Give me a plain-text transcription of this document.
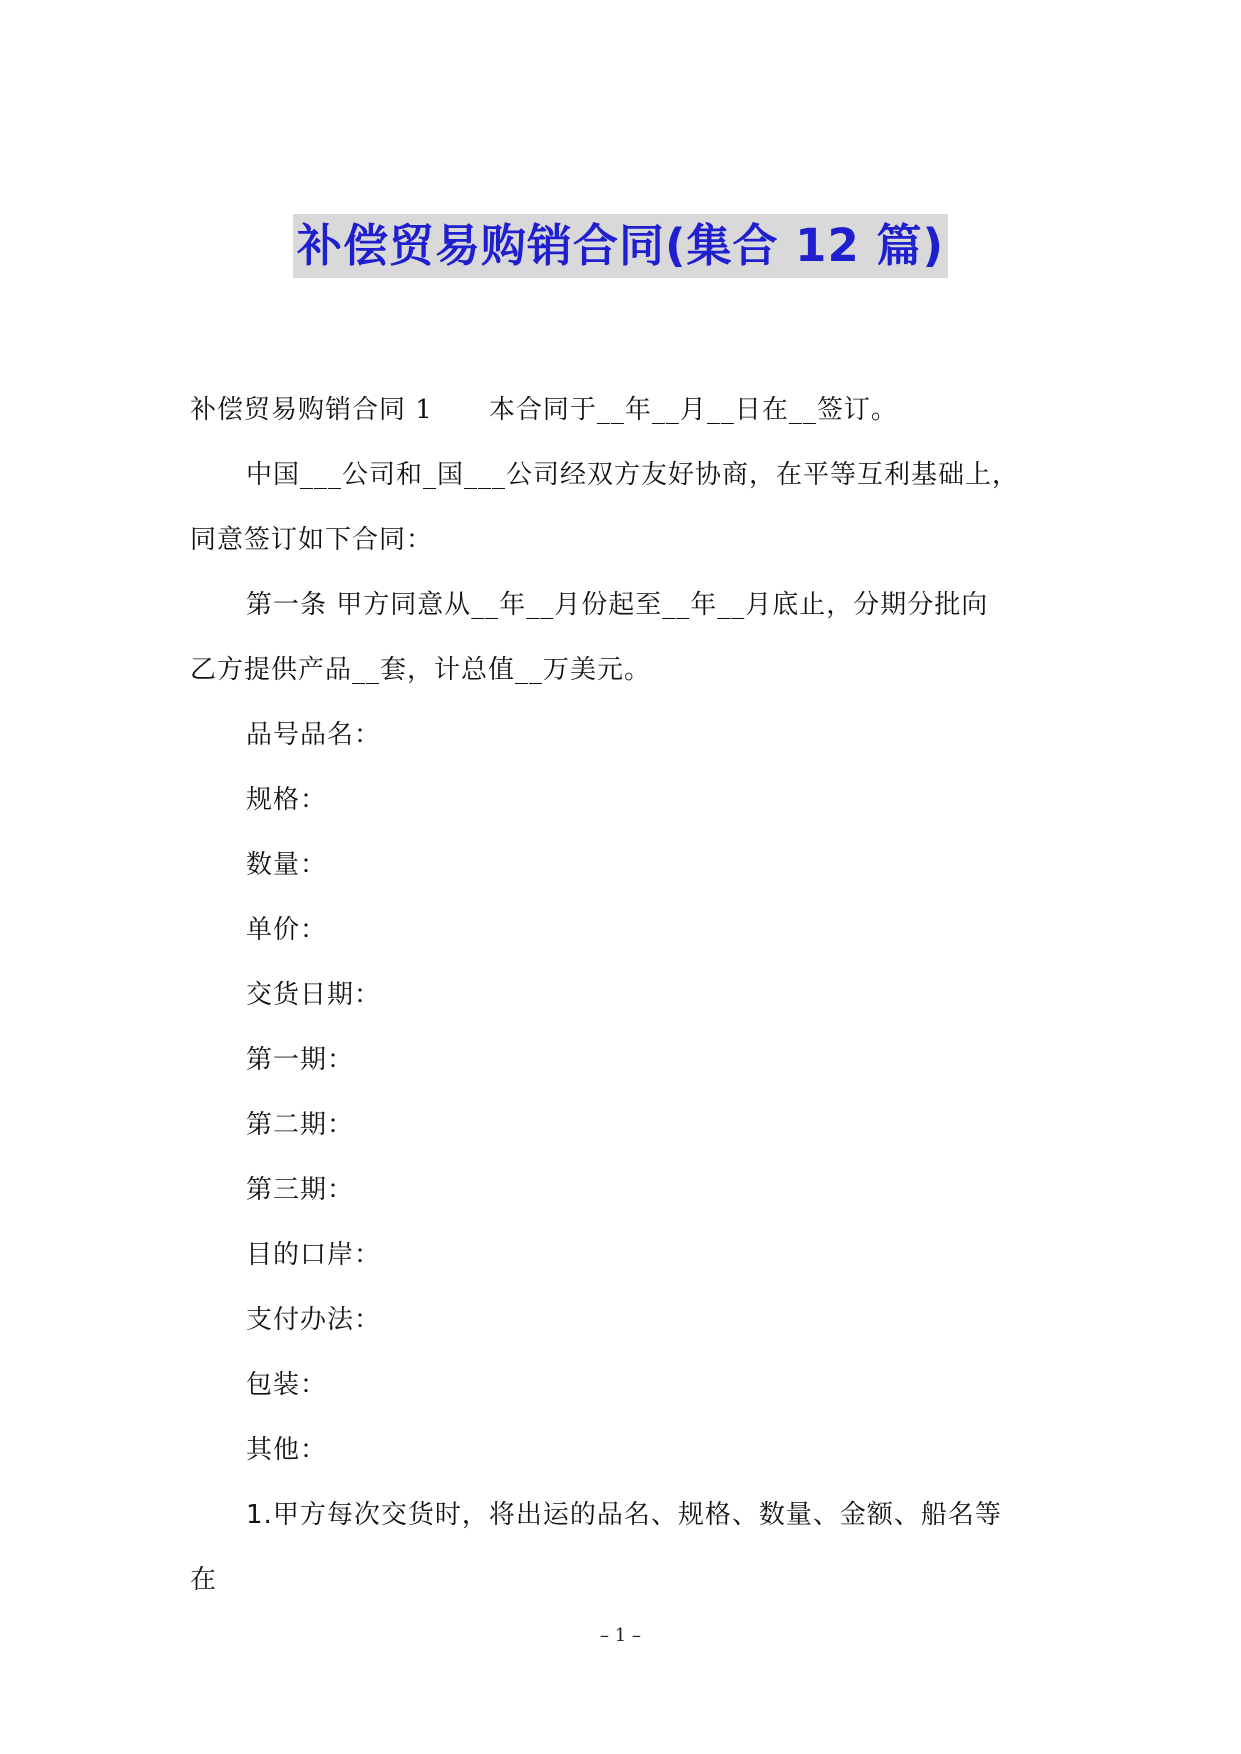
补偿贸易购销合同(集合 12 篇)
补偿贸易购销合同 1 本合同于__年__月__日在__签订。
中国___公司和_国___公司经双方友好协商，在平等互利基础上，
同意签订如下合同：
第一条 甲方同意从__年__月份起至__年__月底止，分期分批向
乙方提供产品__套，计总值__万美元。
品号品名：
规格：
数量：
单价：
交货日期：
第一期：
第二期：
第三期：
目的口岸：
支付办法：
包装：
其他：
1.甲方每次交货时，将出运的品名、规格、数量、金额、船名等
在
– 1 –
